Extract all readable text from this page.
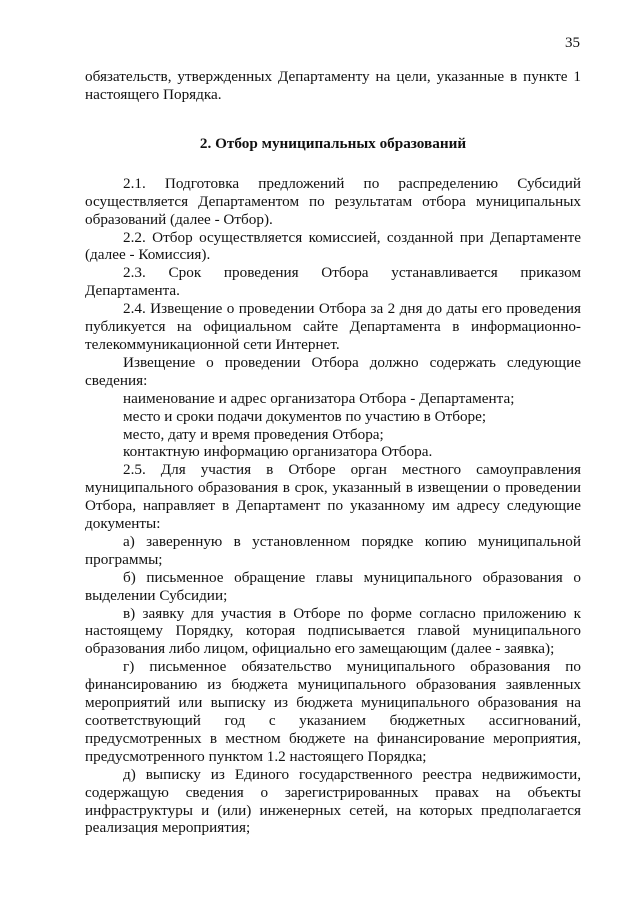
35

обязательств, утвержденных Департаменту на цели, указанные в пункте 1 настоящего Порядка.

2. Отбор муниципальных образований

2.1. Подготовка предложений по распределению Субсидий осуществляется Департаментом по результатам отбора муниципальных образований (далее - Отбор).

2.2. Отбор осуществляется комиссией, созданной при Департаменте (далее - Комиссия).

2.3. Срок проведения Отбора устанавливается приказом Департамента.

2.4. Извещение о проведении Отбора за 2 дня до даты его проведения публикуется на официальном сайте Департамента в информационно-телекоммуникационной сети Интернет.

Извещение о проведении Отбора должно содержать следующие сведения:

наименование и адрес организатора Отбора - Департамента;

место и сроки подачи документов по участию в Отборе;

место, дату и время проведения Отбора;

контактную информацию организатора Отбора.

2.5. Для участия в Отборе орган местного самоуправления муниципального образования в срок, указанный в извещении о проведении Отбора, направляет в Департамент по указанному им адресу следующие документы:

а) заверенную в установленном порядке копию муниципальной программы;

б) письменное обращение главы муниципального образования о выделении Субсидии;

в) заявку для участия в Отборе по форме согласно приложению к настоящему Порядку, которая подписывается главой муниципального образования либо лицом, официально его замещающим (далее - заявка);

г) письменное обязательство муниципального образования по финансированию из бюджета муниципального образования заявленных мероприятий или выписку из бюджета муниципального образования на соответствующий год с указанием бюджетных ассигнований, предусмотренных в местном бюджете на финансирование мероприятия, предусмотренного пунктом 1.2 настоящего Порядка;

д) выписку из Единого государственного реестра недвижимости, содержащую сведения о зарегистрированных правах на объекты инфраструктуры и (или) инженерных сетей, на которых предполагается реализация мероприятия;
